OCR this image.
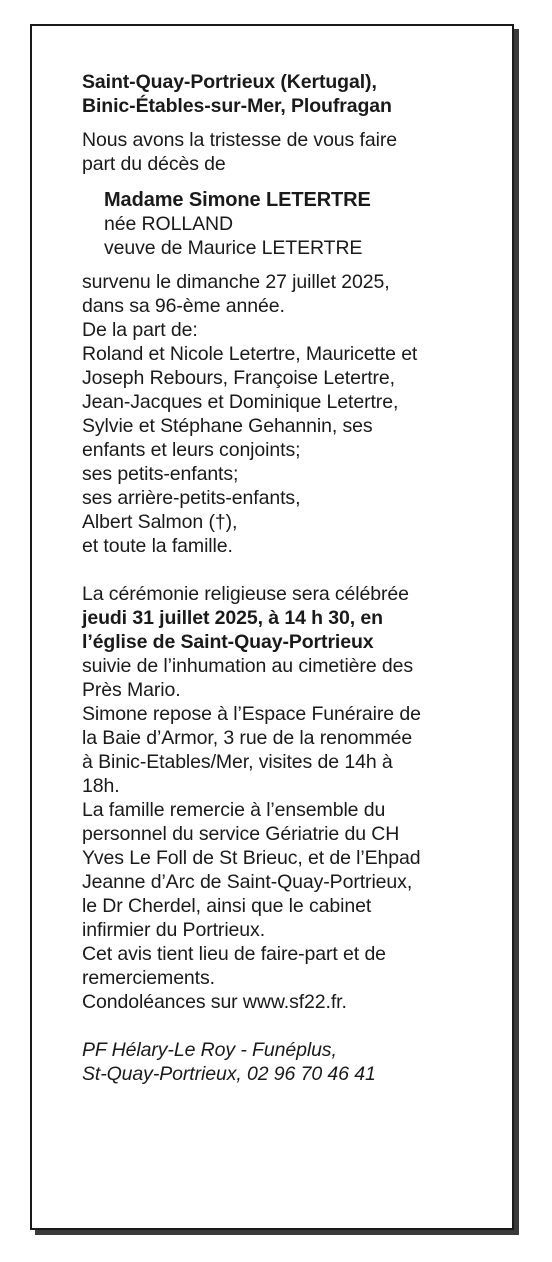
Saint-Quay-Portrieux (Kertugal),
Binic-Étables-sur-Mer, Ploufragan
Nous avons la tristesse de vous faire
part du décès de
Madame Simone LETERTRE
née ROLLAND
veuve de Maurice LETERTRE
survenu le dimanche 27 juillet 2025,
dans sa 96-ème année.
De la part de:
Roland et Nicole Letertre, Mauricette et
Joseph Rebours, Françoise Letertre,
Jean-Jacques et Dominique Letertre,
Sylvie et Stéphane Gehannin, ses
enfants et leurs conjoints;
ses petits-enfants;
ses arrière-petits-enfants,
Albert Salmon (†),
et toute la famille.
La cérémonie religieuse sera célébrée
jeudi 31 juillet 2025, à 14 h 30, en
l’église de Saint-Quay-Portrieux
suivie de l’inhumation au cimetière des
Près Mario.
Simone repose à l’Espace Funéraire de
la Baie d’Armor, 3 rue de la renommée
à Binic-Etables/Mer, visites de 14h à
18h.
La famille remercie à l’ensemble du
personnel du service Gériatrie du CH
Yves Le Foll de St Brieuc, et de l’Ehpad
Jeanne d’Arc de Saint-Quay-Portrieux,
le Dr Cherdel, ainsi que le cabinet
infirmier du Portrieux.
Cet avis tient lieu de faire-part et de
remerciements.
Condoléances sur www.sf22.fr.
PF Hélary-Le Roy - Funéplus,
St-Quay-Portrieux, 02 96 70 46 41
